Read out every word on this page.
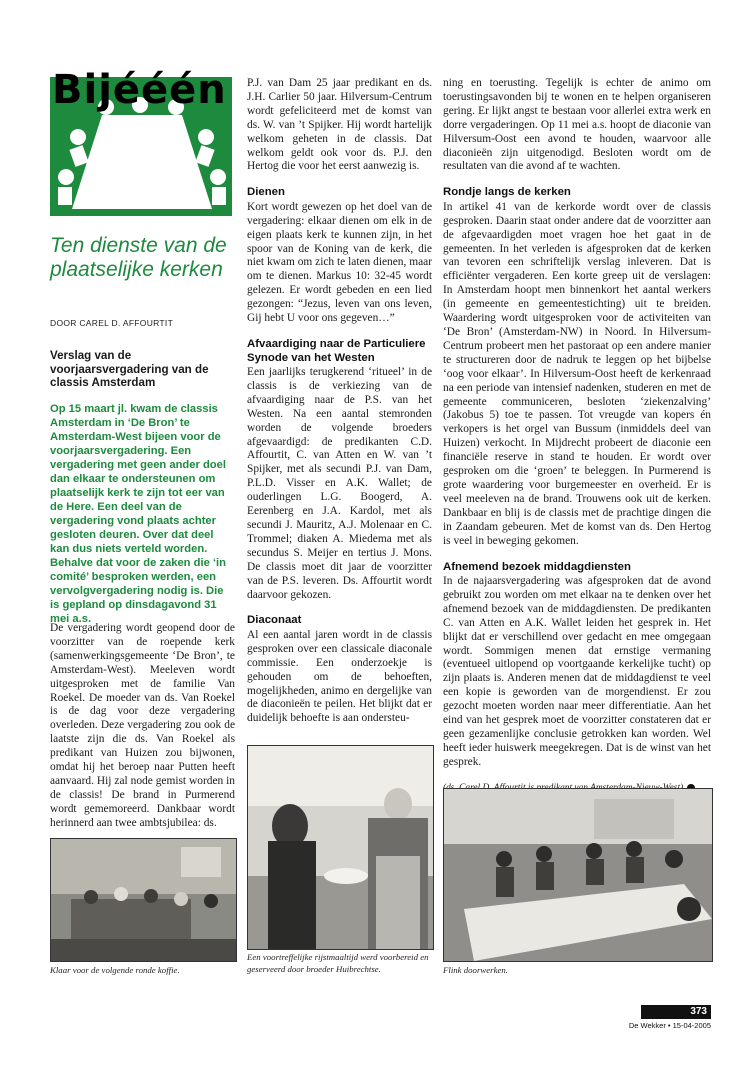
Bijééén
Ten dienste van de plaatselijke kerken
DOOR CAREL D. AFFOURTIT
Verslag van de voorjaarsvergadering van de classis Amsterdam
Op 15 maart jl. kwam de classis Amsterdam in ‘De Bron’ te Amsterdam-West bijeen voor de voorjaarsvergadering. Een vergadering met geen ander doel dan elkaar te ondersteunen om plaatselijk kerk te zijn tot eer van de Here. Een deel van de vergadering vond plaats achter gesloten deuren. Over dat deel kan dus niets verteld worden. Behalve dat voor de zaken die ‘in comité’ besproken werden, een vervolgvergadering nodig is. Die is gepland op dinsdagavond 31 mei a.s.

De vergadering wordt geopend door de voorzitter van de roepende kerk (samenwerkingsgemeente ‘De Bron’, te Amsterdam-West). Meeleven wordt uitgesproken met de familie Van Roekel. De moeder van ds. Van Roekel is de dag voor deze vergadering overleden. Deze vergadering zou ook de laatste zijn die ds. Van Roekel als predikant van Huizen zou bijwonen, omdat hij het beroep naar Putten heeft aanvaard. Hij zal node gemist worden in de classis! De brand in Purmerend wordt gememoreerd. Dankbaar wordt herinnerd aan twee ambtsjubilea: ds.

P.J. van Dam 25 jaar predikant en ds. J.H. Carlier 50 jaar. Hilversum-Centrum wordt gefeliciteerd met de komst van ds. W. van ’t Spijker. Hij wordt hartelijk welkom geheten in de classis. Dat welkom geldt ook voor ds. P.J. den Hertog die voor het eerst aanwezig is.

Dienen

Kort wordt gewezen op het doel van de vergadering: elkaar dienen om elk in de eigen plaats kerk te kunnen zijn, in het spoor van de Koning van de kerk, die niet kwam om zich te laten dienen, maar om te dienen. Markus 10: 32-45 wordt gelezen. Er wordt gebeden en een lied gezongen: “Jezus, leven van ons leven, Gij hebt U voor ons gegeven…”

Afvaardiging naar de Particuliere Synode van het Westen

Een jaarlijks terugkerend ‘ritueel’ in de classis is de verkiezing van de afvaardiging naar de P.S. van het Westen. Na een aantal stemronden worden de volgende broeders afgevaardigd: de predikanten C.D. Affourtit, C. van Atten en W. van ’t Spijker, met als secundi P.J. van Dam, P.L.D. Visser en A.K. Wallet; de ouderlingen L.G. Boogerd, A. Eerenberg en J.A. Kardol, met als secundi J. Mauritz, A.J. Molenaar en C. Trommel; diaken A. Miedema met als secundus S. Meijer en tertius J. Mons. De classis moet dit jaar de voorzitter van de P.S. leveren. Ds. Affourtit wordt daarvoor gekozen.

Diaconaat

Al een aantal jaren wordt in de classis gesproken over een classicale diaconale commissie. Een onderzoekje is gehouden om de behoeften, mogelijkheden, animo en dergelijke van de diaconieën te peilen. Het blijkt dat er duidelijk behoefte is aan ondersteu-

ning en toerusting. Tegelijk is echter de animo om toerustingsavonden bij te wonen en te helpen organiseren gering. Er lijkt angst te bestaan voor allerlei extra werk en dorre vergaderingen. Op 11 mei a.s. hoopt de diaconie van Hilversum-Oost een avond te houden, waarvoor alle diaconieën zijn uitgenodigd. Besloten wordt om de resultaten van die avond af te wachten.

Rondje langs de kerken

In artikel 41 van de kerkorde wordt over de classis gesproken. Daarin staat onder andere dat de voorzitter aan de afgevaardigden moet vragen hoe het gaat in de gemeenten. In het verleden is afgesproken dat de kerken van tevoren een schriftelijk verslag inleveren. Dat is efficiënter vergaderen. Een korte greep uit de verslagen: In Amsterdam hoopt men binnenkort het aantal werkers (in gemeente en gemeentestichting) uit te breiden. Waardering wordt uitgesproken voor de activiteiten van ‘De Bron’ (Amsterdam-NW) in Noord. In Hilversum-Centrum probeert men het pastoraat op een andere manier te structureren door de nadruk te leggen op het bijbelse ‘oog voor elkaar’. In Hilversum-Oost heeft de kerkenraad na een periode van intensief nadenken, studeren en met de gemeente communiceren, besloten ‘ziekenzalving’ (Jakobus 5) toe te passen. Tot vreugde van kopers én verkopers is het orgel van Bussum (inmiddels deel van Huizen) verkocht. In Mijdrecht probeert de diaconie een financiële reserve in stand te houden. Er wordt over gesproken om die ‘groen’ te beleggen. In Purmerend is grote waardering voor burgemeester en overheid. Er is veel meeleven na de brand. Trouwens ook uit de kerken. Dankbaar en blij is de classis met de prachtige dingen die in Zaandam gebeuren. Met de komst van ds. Den Hertog is veel in beweging gekomen.

Afnemend bezoek middagdiensten

In de najaarsvergadering was afgesproken dat de avond gebruikt zou worden om met elkaar na te denken over het afnemend bezoek van de middagdiensten. De predikanten C. van Atten en A.K. Wallet leiden het gesprek in. Het blijkt dat er verschillend over gedacht en mee omgegaan wordt. Sommigen menen dat ernstige vermaning (eventueel uitlopend op voortgaande kerkelijke tucht) op zijn plaats is. Anderen menen dat de middagdienst te veel een kopie is geworden van de morgendienst. Er zou gezocht moeten worden naar meer differentiatie. Aan het eind van het gesprek moet de voorzitter constateren dat er geen gezamenlijke conclusie getrokken kan worden. Wel heeft ieder huiswerk meegekregen. Dat is de winst van het gesprek.

Klaar voor de volgende ronde koffie.
Een voortreffelijke rijstmaaltijd werd voorbereid en geserveerd door broeder Huibrechtse.	Flink doorwerken.
373
De Wekker • 15-04-2005
